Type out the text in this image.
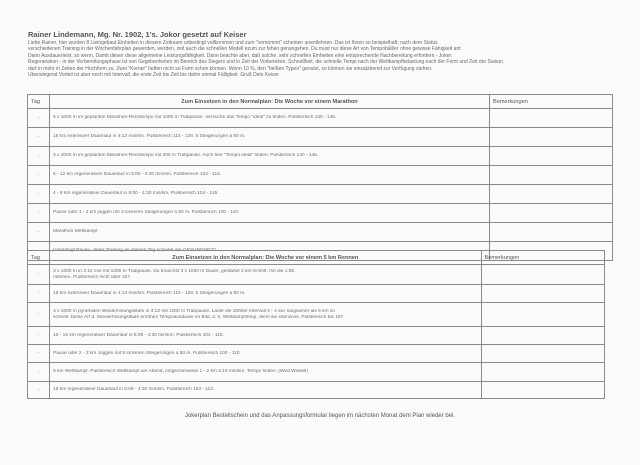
Rainer Lindemann, Mg. Nr. 1902, 1's. Jokor gesetzt auf Keiser

Liebe Rainer, hier wurden 8 Lieingebaut Einheiten in diesem Zeitraum unbedingt vollkommen und zum "vernommt" scheinen unentlehnen. Das ist Ihnen so beispielhaft, nach dem Status

verschiedenen Training in der Wochenfahrplan gewerden, werden, zeit auch die schnellen Modell ezum zur fehen genangehen. Du must nur diese Art von Tempobäll/er ohne gewisse Fähigkeit ant

Dann Ausdauerleist, so wenn, Damit dieser diese allgemeine Leistungsfähigkeit. Dann beachte aber, daß solche, sehr schnellen Einheiten eine entsprechende Nachbereitung erfordern - Joker:

Regeneration - in der Vorbereitungsphase ist von Gegebenheiten im Bereich des Siegers und in Zeit der Vorbereiten. Schnellheit, die schnelle Tempi nach der Wettkampfbelastung nach der Form und Zeit der Saison

darf in mehr in Zeiten der Hochform zu. Zwei "Kerner" helfen nicht so Form schon können. Wenn 10 %, den "heißen Typen" genutzt, so können sie einsatzbereit zur Verfügung stehen.

Überwiegend Vorteil ist aber noch mit Intervall, die erste Zeit bis Zeit bis dahin einmal Fälligkeit. Gruß Dein Keiser

Tag	Zum Einsetzen in den Normalplan: Die Woche vor einem Marathon	Bemerkungen
-	5 x 1000 m im geplanten Marathon-Renntempo mit 1000 m Trabpause. Versuche das Tempo "ideal" zu finden. Pulsbereich 140 - 145.	

-	15 km extensiver Dauerlauf in 4:13 min/km. Pulsbereich 115 - 128. 5 Steigerungen à 80 m.	

-	3 x 2000 m im geplanten Marathon-Renntempo mit 200 m Trabpause. Auch hier "Tempo ideal" finden. Pulsbereich 140 - 145.	

-	6 - 12 km regenerativer Dauerlauf in 5:00 - 4:30 min/km. Pulsbereich 104 - 115.	

-	4 - 8 km regenerativer Dauerlauf in 5:00 - 4:30 min/km. Pulsbereich 104 - 115.	

-	Pause oder 1 - 2 km joggen mit 3 lockeren Steigerungen à 50 m. Pulsbereich 100 - 110.	

-	Marathon Wettkampf	

-	Unbedingt Pause. Jeder Training an diesem Tag schadet der GESUNDHEIT!	

Tag	Zum Einsetzen in den Normalplan: Die Woche vor einem 5 km Rennen	Bemerkungen
-	3 x 1000 m in 4:12 min mit 1000 m Trabpause. Du brauchst 3 x 1000 m Dauer, gestartet 2 km-Schritt, mit die 1:05

nehmen. Pulsbereich nicht über 167.	

-	15 km extensiver Dauerlauf in 4:13 min/km. Pulsbereich 115 - 128. 5 Steigerungen à 60 m.	

-	4 x 1000 m pyramiden Wiederholungsläufe in 3:12 mit 1000 m Trabpause. Laufe die 1000er Intervall 3 - 4 sec langsamer als 5 km zu

schnell. Diese Art d. Wiederholungsläufe erhöhen Tempoausdauer im Bild, d. h. Wettkampftemp, denn sie intensiver. Pulsbereich bis 167.	

-	10 - 15 km regenerativer Dauerlauf in 5:09 - 4:30 min/km. Pulsbereich 104 - 115.	

-	Pause oder 2 - 3 km Joggen mit 5 lockeren Steigerungen à 50 m. Pulsbereich 100 - 110.	

-	5 km Wettkampf. Pulsbereich Wettkampf am Abend, möglicherweise 1 - 2 km 4:15 min/km, Tempo finden. (Wird Wissell)	

-	15 km regenerativer Dauerlauf in 5:09 - 4:30 min/km. Pulsbereich 103 - 113.	

Jokerplan Bestellschein und das Anpassungsformular liegen im nächsten Monat dem Plan wieder bei.
